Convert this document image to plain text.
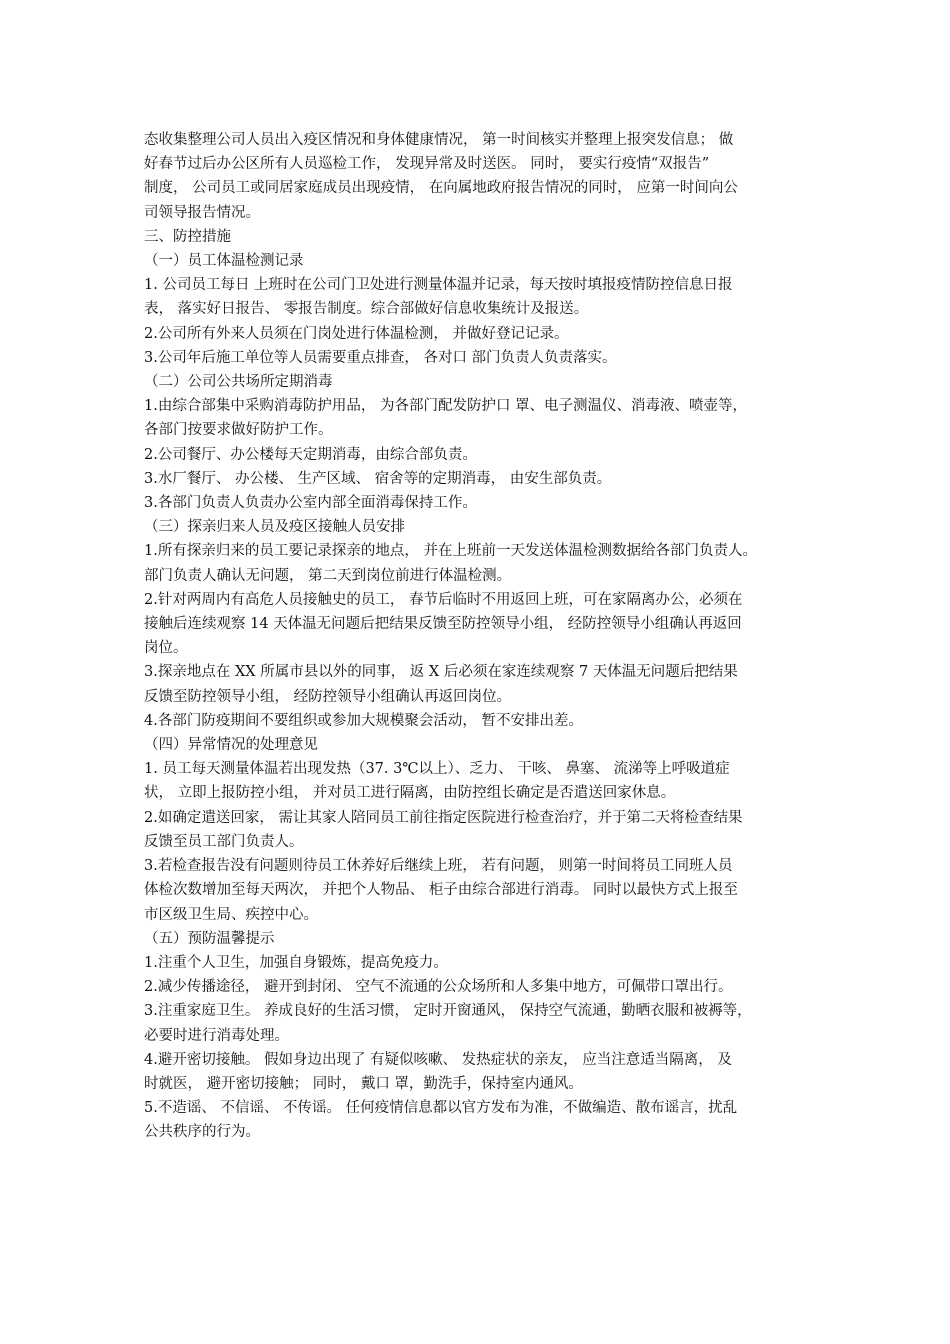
态收集整理公司人员出入疫区情况和身体健康情况， 第一时间核实并整理上报突发信息； 做
好春节过后办公区所有人员巡检工作， 发现异常及时送医。 同时， 要实行疫情“双报告”
制度， 公司员工或同居家庭成员出现疫情， 在向属地政府报告情况的同时， 应第一时间向公
司领导报告情况。
三、防控措施
（一）员工体温检测记录
1. 公司员工每日 上班时在公司门卫处进行测量体温并记录，每天按时填报疫情防控信息日报
表， 落实好日报告、 零报告制度。综合部做好信息收集统计及报送。
2.公司所有外来人员须在门岗处进行体温检测， 并做好登记记录。
3.公司年后施工单位等人员需要重点排查， 各对口 部门负责人负责落实。
（二）公司公共场所定期消毒
1.由综合部集中采购消毒防护用品， 为各部门配发防护口 罩、电子测温仪、消毒液、喷壶等，
各部门按要求做好防护工作。
2.公司餐厅、办公楼每天定期消毒，由综合部负责。
3.水厂餐厅、 办公楼、 生产区域、 宿舍等的定期消毒， 由安生部负责。
3.各部门负责人负责办公室内部全面消毒保持工作。
（三）探亲归来人员及疫区接触人员安排
1.所有探亲归来的员工要记录探亲的地点， 并在上班前一天发送体温检测数据给各部门负责人。
部门负责人确认无问题， 第二天到岗位前进行体温检测。
2.针对两周内有高危人员接触史的员工， 春节后临时不用返回上班，可在家隔离办公，必须在
接触后连续观察 14 天体温无问题后把结果反馈至防控领导小组， 经防控领导小组确认再返回
岗位。
3.探亲地点在 XX 所属市县以外的同事， 返 X 后必须在家连续观察 7 天体温无问题后把结果
反馈至防控领导小组， 经防控领导小组确认再返回岗位。
4.各部门防疫期间不要组织或参加大规模聚会活动， 暂不安排出差。
（四）异常情况的处理意见
1. 员工每天测量体温若出现发热（37. 3℃以上）、乏力、 干咳、 鼻塞、 流涕等上呼吸道症
状， 立即上报防控小组， 并对员工进行隔离，由防控组长确定是否遣送回家休息。
2.如确定遣送回家， 需让其家人陪同员工前往指定医院进行检查治疗，并于第二天将检查结果
反馈至员工部门负责人。
3.若检查报告没有问题则待员工休养好后继续上班， 若有问题， 则第一时间将员工同班人员
体检次数增加至每天两次， 并把个人物品、 柜子由综合部进行消毒。 同时以最快方式上报至
市区级卫生局、疾控中心。
（五）预防温馨提示
1.注重个人卫生，加强自身锻炼，提高免疫力。
2.减少传播途径， 避开到封闭、 空气不流通的公众场所和人多集中地方，可佩带口罩出行。
3.注重家庭卫生。 养成良好的生活习惯， 定时开窗通风， 保持空气流通，勤晒衣服和被褥等，
必要时进行消毒处理。
4.避开密切接触。 假如身边出现了 有疑似咳嗽、 发热症状的亲友， 应当注意适当隔离， 及
时就医， 避开密切接触； 同时， 戴口 罩，勤洗手，保持室内通风。
5.不造谣、 不信谣、 不传谣。 任何疫情信息都以官方发布为准，不做编造、散布谣言，扰乱
公共秩序的行为。
